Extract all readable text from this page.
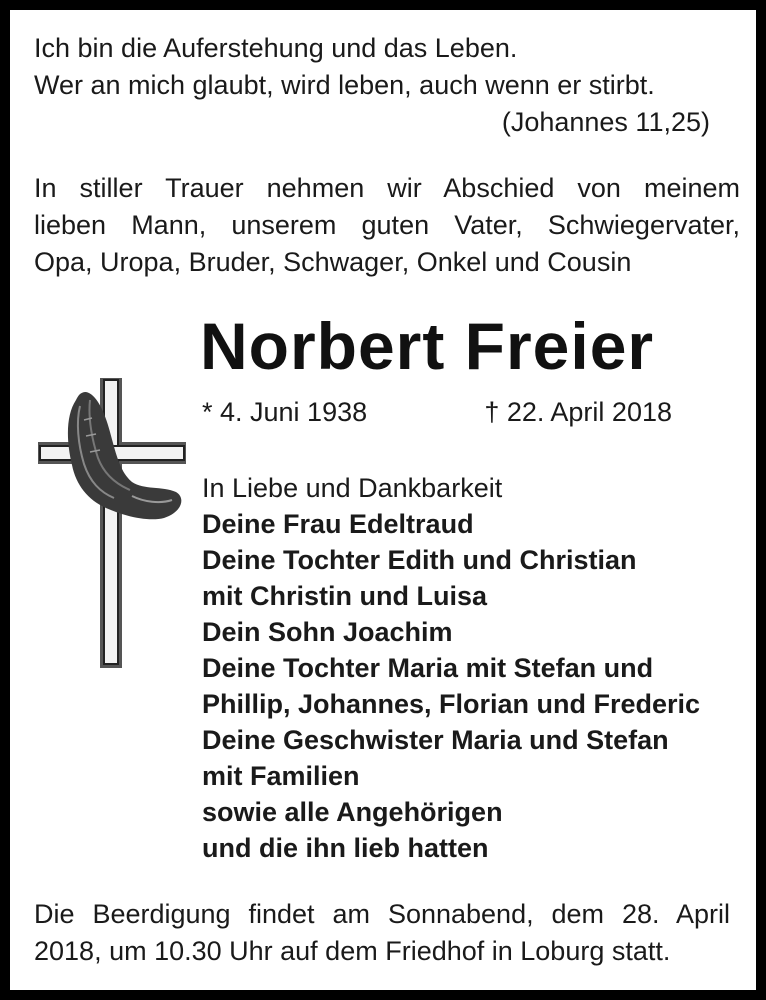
Ich bin die Auferstehung und das Leben.
Wer an mich glaubt, wird leben, auch wenn er stirbt.
(Johannes 11,25)
In stiller Trauer nehmen wir Abschied von meinem
lieben Mann, unserem guten Vater, Schwiegervater,
Opa, Uropa, Bruder, Schwager, Onkel und Cousin
Norbert Freier
* 4. Juni 1938	† 22. April 2018
In Liebe und Dankbarkeit
Deine Frau Edeltraud
Deine Tochter Edith und Christian
mit Christin und Luisa
Dein Sohn Joachim
Deine Tochter Maria mit Stefan und
Phillip, Johannes, Florian und Frederic
Deine Geschwister Maria und Stefan
mit Familien
sowie alle Angehörigen
und die ihn lieb hatten
Die Beerdigung findet am Sonnabend, dem 28. April
2018, um 10.30 Uhr auf dem Friedhof in Loburg statt.
